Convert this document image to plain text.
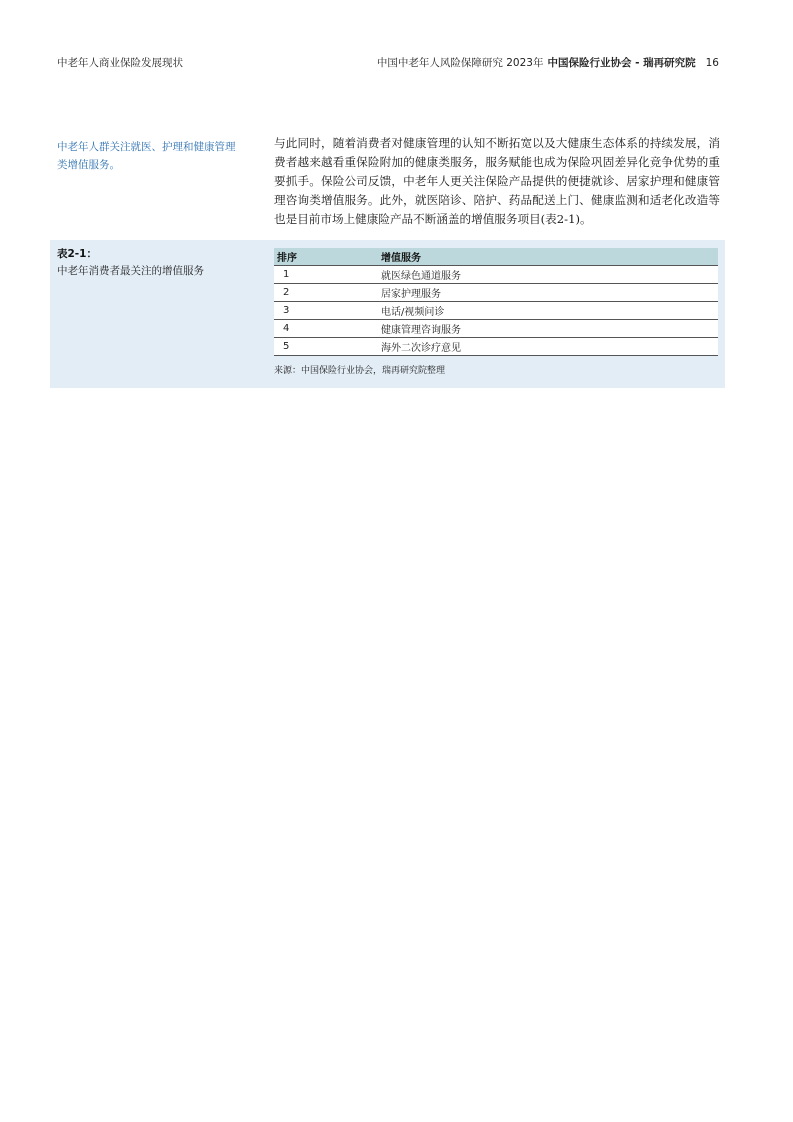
中老年人商业保险发展现状	中国中老年人风险保障研究 2023年 中国保险行业协会 - 瑞再研究院 16
中老年人群关注就医、护理和健康管理类增值服务。
与此同时，随着消费者对健康管理的认知不断拓宽以及大健康生态体系的持续发展，消费者越来越看重保险附加的健康类服务，服务赋能也成为保险巩固差异化竞争优势的重要抓手。保险公司反馈，中老年人更关注保险产品提供的便捷就诊、居家护理和健康管理咨询类增值服务。此外，就医陪诊、陪护、药品配送上门、健康监测和适老化改造等也是目前市场上健康险产品不断涵盖的增值服务项目(表2-1)。
表2-1：
中老年消费者最关注的增值服务
排序	增值服务
1	就医绿色通道服务
2	居家护理服务
3	电话/视频问诊
4	健康管理咨询服务
5	海外二次诊疗意见
来源：中国保险行业协会，瑞再研究院整理
